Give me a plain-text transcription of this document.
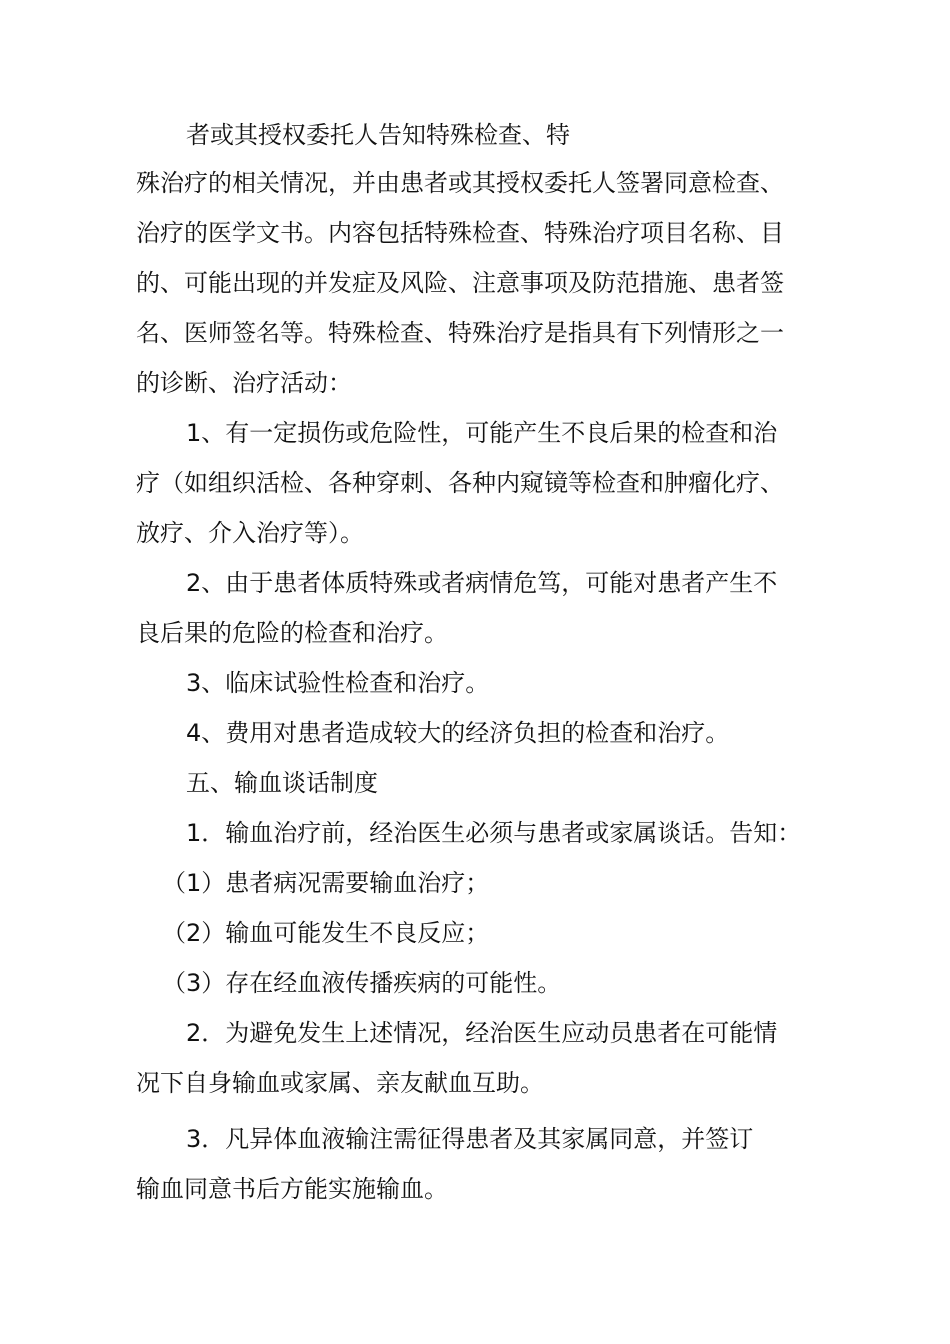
者或其授权委托人告知特殊检查、特

殊治疗的相关情况，并由患者或其授权委托人签署同意检查、

治疗的医学文书。内容包括特殊检查、特殊治疗项目名称、目

的、可能出现的并发症及风险、注意事项及防范措施、患者签

名、医师签名等。特殊检查、特殊治疗是指具有下列情形之一

的诊断、治疗活动：

1、有一定损伤或危险性，可能产生不良后果的检查和治

疗（如组织活检、各种穿刺、各种内窥镜等检查和肿瘤化疗、

放疗、介入治疗等）。

2、由于患者体质特殊或者病情危笃，可能对患者产生不

良后果的危险的检查和治疗。

3、临床试验性检查和治疗。

4、费用对患者造成较大的经济负担的检查和治疗。

五、输血谈话制度

1．输血治疗前，经治医生必须与患者或家属谈话。告知：

（1）患者病况需要输血治疗；

（2）输血可能发生不良反应；

（3）存在经血液传播疾病的可能性。

2．为避免发生上述情况，经治医生应动员患者在可能情

况下自身输血或家属、亲友献血互助。

3．凡异体血液输注需征得患者及其家属同意，并签订

输血同意书后方能实施输血。
